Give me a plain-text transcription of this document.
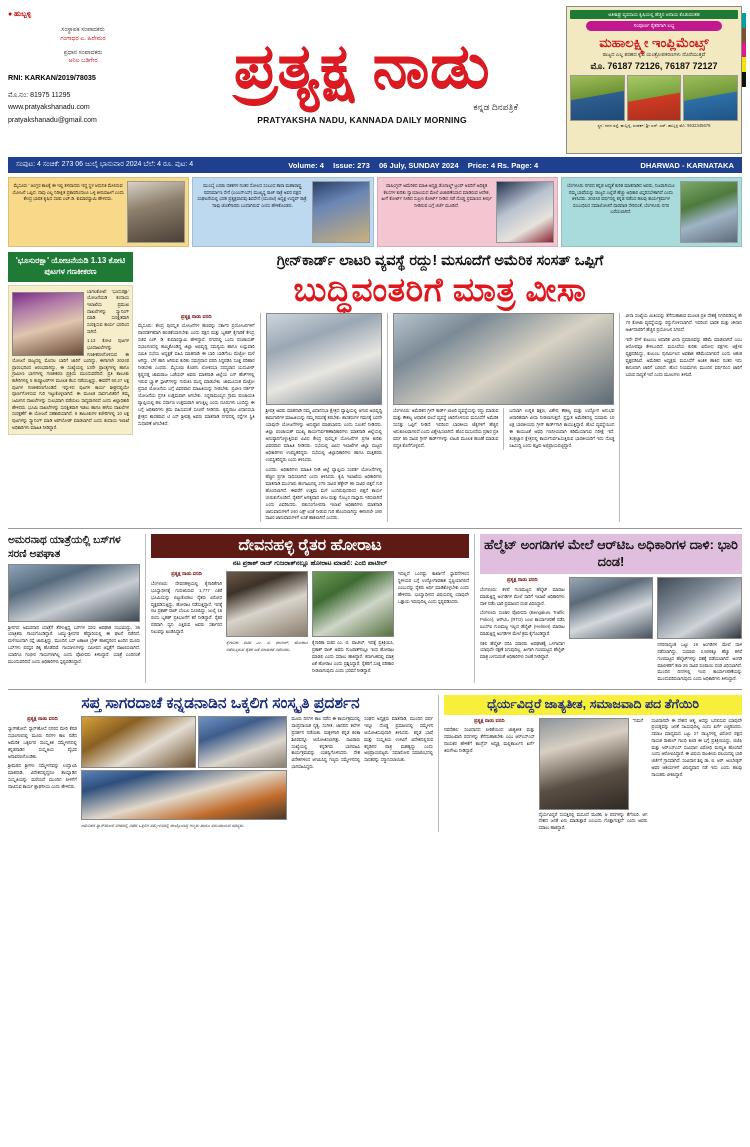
● ಹುಬ್ಬಳ್ಳಿ
ಸಂಸ್ಥಾಪಕ ಸಂಪಾದಕರು
ಗಂಗಾಧರ ಎ. ಹಿರೇಮಠ
ಪ್ರಧಾನ ಸಂಪಾದಕರು
ಅನಿಲ ಬಡಿಗೇರ
RNI: KARKAN/2019/78035
ಮೊ.ನಂ: 81975 11295
www.pratyakshanadu.com
pratyakshanadu@gmail.com
ಪ್ರತ್ಯಕ್ಷ ನಾಡು
ಕನ್ನಡ ದಿನಪತ್ರಿಕೆ
PRATYAKSHA NADU, KANNADA DAILY MORNING
ಅತೀಶಿಘ್ರ ವ್ಯವಸಾಯ ಕೃಷಿಯಲ್ಲಿ ಹೆಚ್ಚಿನ ಆದಾಯ ಕೊಡುವಂತಹ
ಸಂಪೂರ್ಣ ರೈತರಿಗಾಗಿ ಲಭ್ಯ
ಮಹಾಲಕ್ಷ್ಮೀ ಇಂಪ್ಲಿಮೆಂಟ್ಸ್
ರಾಜ್ಯದ ಎಲ್ಲ ತರಹದ ಕೃಷಿ ಯಂತ್ರೋಪಕರಣಗಳು ದೊರೆಯುತ್ತವೆ
ಮೊ. 76187 72126, 76187 72127
ಸ್ಥಳ: ಗದಗ ರಸ್ತೆ, ಹುಬ್ಬಳ್ಳಿ, ಸಂಪರ್ಕ: ಶ್ರೀ ಎಸ್. ಎಸ್. ಹುಬ್ಬಳ್ಳಿ ಮೊ: 9632345678
ಸಂಪುಟ: 4 ಸಂಚಿಕೆ: 273 06 ಜುಲೈ ಭಾನುವಾರ 2024 ಬೆಲೆ: 4 ರೂ. ಪುಟ: 4	Volume: 4 Issue: 273 06 July, SUNDAY 2024 Price: 4 Rs. Page: 4	DHARWAD - KARNATAKA
ಮೈಸೂರು ' ಆಂಗ್ಲರ ಕಾಲಕ್ಕೆ ಈ ಇಲ್ಲಿ ತಳವಾದರು ಇದ್ದ ಸ್ಥಳ ಆಧುನಿಕ ಮೇಲಿರುವ ಯೋಜನೆ ಒಪ್ಪಿದ. ನಾವು ಎಲ್ಲ ನಿರೀಕ್ಷಿತ ಪ್ರಕಾರದಿಂದಲೂ ಒಳ್ಳಿ ತೀರುವಹೀಗೆ ಎಂದು ಕೇಂದ್ರ ಭಾರತ ಕೃಷಿದ ಸಚಿವ ಎಚ್.ಡಿ. ಕುಮಾರಸ್ವಾಮಿ ಹೇಳಿದರು.
ಮುಂಬೈ ಎರಡು ದಶಕಗಳ ನಂತರ ಸೋಲದ ಸಂಬಂಧ ತಾರಾ ಮಹಾರಾಷ್ಟ್ರ ನವನಿರ್ಮಾಣ ಸೇನೆ (ಎಂಎನ್‌ಎಸ್) ಮುಖ್ಯಸ್ಥ ರಾಜ್ ಠಾಕ್ರೆ ಅವರ ಪಕ್ಷದ ಸಂಘಟನೆಯಲ್ಲಿ ಭರತ ಪ್ರತ್ಯಕ್ಷವಾದವು ಶಿವಸೇನೆ (ಯುಬಿಟಿ) ಅಧ್ಯಕ್ಷ ಉದ್ಧವ್ ಠಾಕ್ರೆ, 'ನಾವು ಜೊತೆಗಾರರು ಬಂದಾಗಿರುವ' ಎಂದು ಹೇಳಿಕೊಂಡರು.
ವಾಷಿಂಗ್ಟನ್ ಅಮೆರಿಕದ ಮಾಜಿ ಅಧ್ಯಕ್ಷ ಡೊನಾಲ್ಡ್ ಟ್ರಂಪ್ ಅವರಿಗೆ ಅಧಿಕೃತ ಕೆಲಸಗಳ ಕುರಿತು ನ್ಯಾಯಾಲಯದ ಮೇಲೆ ವಿಚಾರಣೆಯಾದ ಮಾಡಿರುವ ಆದೇಶ, ಹೀಗೆ ಕೋರ್ಟ್ ನೀಡಿದ ಸುಪ್ರೀಂ ಕೋರ್ಟ್ ನೀಡಿದ ನಡೆ ದೊಡ್ಡ ಪ್ರಮಾಣದ ತೀರ್ಪು ನೀಡಿರುವ ಬಗ್ಗೆ ಚರ್ಚೆ ಮೂಡಿದೆ.
ಬೆಂಗಳೂರು ನಗರದ ಕನ್ನಡ ಆಧ್ಯತೆ ಕುರಿತ ಮಾತನಾಡಿದ ಅವರು, ನಿಜವಾಗಿಯೂ ನಮ್ಮ ಭಾಷೆಯನ್ನು ರಾಜ್ಯದ ಎಲ್ಲೆಡೆ ಹೆಚ್ಚು ಅಧಿಕಾರ ವಿಸ್ತರಿಸಬೇಕಾಗಿದೆ ಎಂದು ತಿಳಿಸಿದರು. 2024ರ ವರ್ಷದಲ್ಲಿ ಕನ್ನಡ ನಡೆಸಿದ ಹಲವು ಕಾರ್ಯಕ್ರಮಗಳ ಸಂಬಂಧಿಸಿದ ಸಮಾಲೋಚನೆ ಧಾರವಾಡ ಸೇರಿದಂತೆ, ಬೆಂಗಳೂರು ನಗರ ಬರೆಯಲಾಗಿದೆ.
'ಭೂಸುರಕ್ಷಾ' ಯೋಜನೆಯಡಿ 1.13 ಕೋಟಿ ಪುಟಗಳ ಗಣಕೀಕರಣ
ಬಾಗಲಕೋಟೆ: 'ಭೂಸುರಕ್ಷಾ' ಯೋಜನೆಯಡಿ ಕಂದಾಯ ಇಲಾಖೆಯ ಪ್ರಮುಖ ದಾಖಲೆಗಳನ್ನು ಸ್ಕ್ಯಾನಿಂಗ್ ಮಾಡಿ ಸುರಕ್ಷಿತವಾಗಿ ಸಂರಕ್ಷಿಸುವ ಕಾರ್ಯ ಭರದಿಂದ ಸಾಗಿದೆ.
1.13 ಕೋಟಿ ಪುಟಗಳ ಭೂದಾಖಲೆಗಳನ್ನು ಗಣಕೀಕರಣಗೊಳಿಸುವ ಈ ಯೋಜನೆ ರಾಜ್ಯದಲ್ಲಿ ಮೊದಲ ಬಾರಿಗೆ ಜಾರಿಗೆ ಬಂದಿದ್ದು, ಈಗಾಗಲೇ 2024ರ ಪ್ರಾರಂಭದಿಂದ ಆರಂಭವಾಗಿದ್ದು, ಈ ಸಂಖ್ಯೆಯಲ್ಲಿ 13ನೇ ಪ್ರಾಂತ್ಯಗಳಲ್ಲಿ ಹಾಗೂ ಗ್ರಾಮೀಣ ಭಾಗಗಳಲ್ಲಿ ಗಣಕೀಕರಣ ಪ್ರಕ್ರಿಯೆ ಮುಂದುವರೆದಿದೆ. ಪ್ರತಿ ತಾಲೂಕು ಕಚೇರಿಗಳಲ್ಲಿ 5 ಕಂಪ್ಯೂಟರ್‌ಗಳ ಮೂಲಕ ಕೆಲಸ ನಡೆಯುತ್ತಿದ್ದು, ಈವರೆಗೆ 60.27 ಲಕ್ಷ ಪುಟಗಳ ಗಣಕೀಕರಣಗೊಂಡಿದೆ. ಇನ್ನುಳಿದ ಪುಟಗಳ ಕಾರ್ಯ ಶೀಘ್ರದಲ್ಲಿಯೇ ಪೂರ್ಣಗೊಳಿಸುವ ಗುರಿ ಇಟ್ಟುಕೊಳ್ಳಲಾಗಿದೆ. ಈ ಮೂಲಕ ಸಾರ್ವಜನಿಕರಿಗೆ ತಮ್ಮ ಜಮೀನಿನ ದಾಖಲೆಗಳನ್ನು ಸುಲಭವಾಗಿ ಪಡೆಯಲು ಸಾಧ್ಯವಾಗಲಿದೆ ಎಂದು ಜಿಲ್ಲಾಧಿಕಾರಿ ಹೇಳಿದರು. ಭೂಮಿ ದಾಖಲೆಗಳನ್ನು ಸುರಕ್ಷಿತವಾಗಿ ಇಡಲು ಹಾಗೂ ಹಳೆಯ ದಾಖಲೆಗಳ ಸಂರಕ್ಷಣೆಗೆ ಈ ಯೋಜನೆ ಸಹಕಾರಿಯಾಗಿದೆ. 9 ತಾಲೂಕುಗಳ ಕಚೇರಿಗಳಲ್ಲಿ 10 ಲಕ್ಷ ಪುಟಗಳನ್ನು ಸ್ಕ್ಯಾನಿಂಗ್ ಮಾಡಿ ಅಪ್‌ಲೋಡ್ ಮಾಡಲಾಗಿದೆ ಎಂದು ಕಂದಾಯ ಇಲಾಖೆ ಅಧಿಕಾರಿಗಳು ಮಾಹಿತಿ ನೀಡಿದ್ದಾರೆ.
ಗ್ರೀನ್‌ಕಾರ್ಡ್ ಲಾಟರಿ ವ್ಯವಸ್ಥೆ ರದ್ದು! ಮಸೂದೆಗೆ ಅಮೆರಿಕ ಸಂಸತ್ ಒಪ್ಪಿಗೆ
ಬುದ್ಧಿವಂತರಿಗೆ ಮಾತ್ರ ವೀಸಾ
ಪ್ರತ್ಯಕ್ಷ ನಾಡು ವರದಿ
ಮೈಸೂರು: ಕೇಂದ್ರ ಪುರಸ್ಕೃತ ಯೋಜನೆಗಳ ಹಣವನ್ನು ಸರ್ಕಾರ ಪ್ರಯೋಜನಗಳಿಗೆ ಪಾರದರ್ಶಕವಾಗಿ ಹಂಚಿಕೆಯಾಗಬೇಕು ಎಂದು ಪಕ್ಷದ ಮತ್ತು ಬೃಹತ್ ಕೈಗಾರಿಕೆ ಕೇಂದ್ರ ಸಚಿವ ಎಚ್. ಡಿ. ಕುಮಾರಸ್ವಾಮಿ ಹೇಳಿದ್ದಾರೆ. ನಗರದಲ್ಲಿ ಒಂದು ಪಂಚಾಯತ್ ಸಭಾಂಗಣದಲ್ಲಿ ಹಮ್ಮಿಕೊಂಡಿದ್ದ ಜಿಲ್ಲಾ ಅಭಿವೃದ್ಧಿ ಸಮನ್ವಯ ಹಾಗೂ ಉಸ್ತುವಾರಿ ಸಮಿತಿ ಸಭೆಯ ಅಧ್ಯಕ್ಷತೆ ವಹಿಸಿ ಮಾತನಾಡಿ ಈ ಬಾರಿ ಬಾಡಿಗೆಂಬ ಮೆಟ್ರೋ ಮಳೆ ಆಗಿದ್ದು, ಬೆಳೆ ಹಾನಿ ಆಗಿರುವ ಕುರಿತು ಸಮಗ್ರವಾದ ವರದಿ ಸಿದ್ಧಪಡಿಸಿ ಸೂಕ್ತ ಪರಿಹಾರ ನೀಡಬೇಕು ಎಂದರು. ಮೈಸೂರು ಕೊಡಗು ಲೋಕಸಭಾ ಸದಸ್ಯರಾದ ಯದುವೀರ್ ಕೃಷ್ಣದತ್ತ ಚಾಮರಾಜ ಒಡೆಯರ್ ಅವರು ಮಾತನಾಡಿ ಜಿಲ್ಲೆಯ ಎನ್ ಹೆಚ್‌ಗಳಲ್ಲಿ ಇರುವ ಬ್ಲ್ಯಾಕ್ ಸ್ಪಾಟ್‌ಗಳನ್ನು ಗುರುತಿಸಿ ಮುನ್ನ ಮಾಡಬೇಕು. ಜಾಮೂಸಂತ ಮೆಟ್ರೋ ಪ್ರಸಾರ ಯೋಜನೆಯ ಬಗ್ಗೆ ವಿವರವಾದ ಮಾಹಿತಿಯನ್ನು ನೀಡಬೇಕು. ಪ್ರವೀಣ ದರ್ಶನ್ ಯೋಜನೆಯ ಪ್ರಗತಿ ಉತ್ತಮವಾಗಿ ಆಗಬೇಕು. ಸಿದ್ದರಾಮಯ್ಯನ ಗ್ರಾಮ ಪಂಚಾಯತಿ ವ್ಯಾಪ್ತಿಯಲ್ಲಿ ಹಲ ಸರ್ವಾಣ ಉತ್ತಮವಾಗಿ ಆಗುತ್ತಿಲ್ಲ ಎಂದು ದೂರುಗಳು ಬಂದಿದ್ದು ಈ ಬಗ್ಗೆ ಅಧಿಕಾರಿಗಳು ಕ್ರಮ ವಹಿಸುವಂತೆ ಸೂಚನೆ ನೀಡಿದರು. ಕೃಷ್ಣರಾಜ ವಿಧಾನಸಭಾ ಕ್ಷೇತ್ರದ ಶಾಸಕರಾದ ಟಿ ಎಸ್ ಶ್ರೀವತ್ಸ ಅವರು ಮಾತನಾಡಿ ನಗರದಲ್ಲಿ ರಸ್ತೆಗಳ ಸ್ಥಿತಿ ಸುಧಾರಣೆ ಆಗಬೇಕಿದೆ.
ಶ್ರೀಪತ್ರ ಅವರು ಮಾತನಾಡಿ ನಮ್ಮ ವಿಧಾನಸಭಾ ಕ್ಷೇತ್ರದ ವ್ಯಾಪ್ತಿಯಲ್ಲಿ ಆಗುವ ಅಭಿವೃದ್ಧಿ ಕಾಮಗಾರಿಗಳ ಮಾಹಿತಿಯನ್ನು ನಮ್ಮ ಗಮನಕ್ಕೆ ತರಬೇಕು. ಶಾಸಕರುಗಳ ಗಮನಕ್ಕೆ ಬರದೇ ಯಾವುದೇ ಯೋಜನೆಗಳನ್ನು ಅನುಷ್ಠಾನ ಮಾಡಬಾರದು ಎಂದು ಸೂಚನೆ ನೀಡಿದರು. ಜಿಲ್ಲಾ ಪಂಚಾಯತ್ ಮುಖ್ಯ ಕಾರ್ಯನಿರ್ವಹಣಾಧಿಕಾರಿಗಳು ಮಾತನಾಡಿ ಜಿಲ್ಲೆಯಲ್ಲಿ ಅನುಷ್ಠಾನಗೊಳ್ಳುತ್ತಿರುವ ವಿವಿಧ ಕೇಂದ್ರ ಪುರಸ್ಕೃತ ಯೋಜನೆಗಳ ಪ್ರಗತಿ ಕುರಿತು ವಿವರವಾದ ಮಾಹಿತಿ ನೀಡಿದರು. ಸಭೆಯಲ್ಲಿ ವಿವಿಧ ಇಲಾಖೆಗಳ ಜಿಲ್ಲಾ ಮಟ್ಟದ ಅಧಿಕಾರಿಗಳು ಉಪಸ್ಥಿತರಿದ್ದರು. ಸಭೆಯಲ್ಲಿ ಜಿಲ್ಲಾಧಿಕಾರಿಗಳು ಹಾಗೂ ಮತ್ತಿತರರು ಉಪಸ್ಥಿತರಿದ್ದರು ಎಂದು ತಿಳಿಸಿದರು.
ಎಂದರು. ಅಧಿಕಾರಿಗಳು ಮಾಹಿತಿ ನೀಡಿ ಜಿಲ್ಲೆ ವ್ಯಾಪ್ತಿಯ ಸಂಪರ್ಕ ಯೋಜನೆಗಳಲ್ಲಿ ಹೆಚ್ಚಿನ ಪ್ರಗತಿ ಸಾಧಿಸಲಾಗಿದೆ ಎಂದು ತಿಳಿಸಿದರು. ಕೃಷಿ ಇಲಾಖೆಯ ಅಧಿಕಾರಿಗಳು ಮಾತನಾಡಿ ಮುಂಗಾರು ಹಂಗಾಮಿನಲ್ಲಿ 275 ಸಾವಿರ ಹೆಕ್ಟೇರ್ 95 ಸಾವಿರ ಬಿತ್ತನೆ ಗುರಿ ಹೊಂದಲಾಗಿದೆ. ಈವರೆಗೆ ಉತ್ತಮ ಮಳೆ ಬಂದಿರುವುದರಿಂದ ಬಿತ್ತನೆ ಕಾರ್ಯ ಚುರುಕುಗೊಂಡಿದೆ. ರೈತರಿಗೆ ಅಗತ್ಯವಾದ ಬೀಜ ಮತ್ತು ಗೊಬ್ಬರ ದಾಸ್ತಾನು ಇರಿಸಲಾಗಿದೆ ಎಂದು ವಿವರಿಸಿದರು. ಪಶುಸಂಗೋಪನಾ ಇಲಾಖೆ ಅಧಿಕಾರಿಗಳು ಮಾತನಾಡಿ ಜಾನುವಾರುಗಳಿಗೆ 240 ಎಕ್ಸ್ ಲಸಿಕೆ ನೀಡುವ ಗುರಿ ಹೊಂದಲಾಗಿದ್ದು ಈಗಾಗಲೇ 180 ಸಾವಿರ ಜಾನುವಾರುಗಳಿಗೆ ಲಸಿಕೆ ಹಾಕಲಾಗಿದೆ ಎಂದರು.
ಬೆಂಗಳೂರು: ಅಮೆರಿಕದ ಗ್ರೀನ್ ಕಾರ್ಡ್ ಲಾಟರಿ ವ್ಯವಸ್ಥೆಯನ್ನು ರದ್ದು ಮಾಡುವ ಮತ್ತು ಕೌಶಲ್ಯ ಆಧಾರಿತ ವಲಸೆ ವ್ಯವಸ್ಥೆ ಜಾರಿಗೊಳಿಸುವ ಮಸೂದೆಗೆ ಅಮೆರಿಕ ಸಂಸತ್ತು ಒಪ್ಪಿಗೆ ನೀಡಿದೆ. ಇದರಿಂದ ಭಾರತೀಯ ಟೆಕ್ಕಿಗಳಿಗೆ ಹೆಚ್ಚಿನ ಅನುಕೂಲವಾಗಲಿದೆ ಎಂದು ವಿಶ್ಲೇಷಿಸಲಾಗಿದೆ. ಹೊಸ ಮಸೂದೆಯ ಪ್ರಕಾರ ಪ್ರತಿ ವರ್ಷ 55 ಸಾವಿರ ಗ್ರೀನ್ ಕಾರ್ಡ್‌ಗಳನ್ನು ಲಾಟರಿ ಮೂಲಕ ಹಂಚಿಕೆ ಮಾಡುವ ಪದ್ಧತಿ ಕೊನೆಗೊಳ್ಳಲಿದೆ.
ಬದಲಾಗಿ ಉನ್ನತ ಶಿಕ್ಷಣ, ವಿಶೇಷ ಕೌಶಲ್ಯ ಮತ್ತು ಉದ್ಯೋಗ ಅನುಭವ ಆಧಾರಿತವಾಗಿ ವೀಸಾ ನೀಡಲಾಗುತ್ತದೆ. ಪ್ರಸ್ತುತ ಅಮೆರಿಕದಲ್ಲಿ ಸುಮಾರು 10 ಲಕ್ಷ ಭಾರತೀಯರು ಗ್ರೀನ್ ಕಾರ್ಡ್‌ಗಾಗಿ ಕಾಯುತ್ತಿದ್ದಾರೆ. ಹೊಸ ವ್ಯವಸ್ಥೆಯಿಂದ ಈ ಕಾಯುವಿಕೆ ಅವಧಿ ಗಣನೀಯವಾಗಿ ಕಡಿಮೆಯಾಗುವ ನಿರೀಕ್ಷೆ ಇದೆ. ತಂತ್ರಜ್ಞಾನ ಕ್ಷೇತ್ರದಲ್ಲಿ ಕಾರ್ಯನಿರ್ವಹಿಸುತ್ತಿರುವ ಭಾರತೀಯರಿಗೆ ಇದು ದೊಡ್ಡ ಸಿಹಿಸುದ್ದಿ ಎಂದು ತಜ್ಞರು ಅಭಿಪ್ರಾಯಪಟ್ಟಿದ್ದಾರೆ.
ವೀಸಾ ಸಂಖ್ಯೆಯ ಮಿತಿಯನ್ನು ತೆಗೆದುಹಾಕುವ ಮೂಲಕ ಪ್ರತಿ ದೇಶಕ್ಕೆ ನಿಗದಿಪಡಿಸಿದ್ದ ಶೇ 7ರ ಕೋಟಾ ವ್ಯವಸ್ಥೆಯನ್ನು ರದ್ದುಗೊಳಿಸಲಾಗಿದೆ. ಇದರಿಂದ ಭಾರತ ಮತ್ತು ಚೀನಾದ ಅರ್ಜಿದಾರರಿಗೆ ಹೆಚ್ಚಿನ ಪ್ರಯೋಜನ ಸಿಗಲಿದೆ.
ಇದೇ ವೇಳೆ ಕುಟುಂಬ ಆಧಾರಿತ ವೀಸಾ ಪ್ರಮಾಣವನ್ನು ಕಡಿಮೆ ಮಾಡಲಾಗಿದೆ ಎಂಬ ಆರೋಪವೂ ಕೇಳಿಬಂದಿದೆ. ಮಸೂದೆಯ ಕುರಿತು ವಿರೋಧ ಪಕ್ಷಗಳು ಆಕ್ಷೇಪ ವ್ಯಕ್ತಪಡಿಸಿದ್ದು, ಕುಟುಂಬ ಪುನರ್ಮಿಲನ ಅವಕಾಶ ಕಡಿಮೆಯಾಗಲಿದೆ ಎಂದು ಆತಂಕ ವ್ಯಕ್ತಪಡಿಸಿವೆ. ಅಮೆರಿಕದ ಅಧ್ಯಕ್ಷರು ಮಸೂದೆಗೆ ಅಂಕಿತ ಹಾಕಿದ ನಂತರ ಇದು ಕಾನೂನಾಗಿ ಜಾರಿಗೆ ಬರಲಿದೆ. ಹೊಸ ನಿಯಮಗಳು ಮುಂದಿನ ವರ್ಷದಿಂದ ಜಾರಿಗೆ ಬರುವ ಸಾಧ್ಯತೆ ಇದೆ ಎಂದು ಮೂಲಗಳು ತಿಳಿಸಿವೆ.
ಅಮರನಾಥ ಯಾತ್ರೆಯಲ್ಲಿ ಬಸ್‌ಗಳ ಸರಣಿ ಅಪಘಾತ
ಶ್ರೀನಗರ: ಅಮರನಾಥ ಯಾತ್ರೆಗೆ ತೆರಳುತ್ತಿದ್ದ ಬಸ್‌ಗಳ ಸರಣಿ ಅಪಘಾತ ಸಂಭವಿಸಿದ್ದು, 36 ಯಾತ್ರಿಕರು ಗಾಯಗೊಂಡಿದ್ದಾರೆ. ಜಮ್ಮು-ಶ್ರೀನಗರ ಹೆದ್ದಾರಿಯಲ್ಲಿ ಈ ಘಟನೆ ನಡೆದಿದೆ. ಮಳೆಯಿಂದಾಗಿ ರಸ್ತೆ ಜಾರುತ್ತಿದ್ದು, ಮುಂದಿನ ಬಸ್ ಏಕಾಏಕಿ ಬ್ರೇಕ್ ಹಾಕಿದ್ದರಿಂದ ಹಿಂದಿನ ಮೂರು ಬಸ್‌ಗಳು ಪರಸ್ಪರ ಡಿಕ್ಕಿ ಹೊಡೆದಿವೆ. ಗಾಯಾಳುಗಳನ್ನು ಸಮೀಪದ ಆಸ್ಪತ್ರೆಗೆ ದಾಖಲಿಸಲಾಗಿದೆ. ಯಾರಿಗೂ ಗಂಭೀರ ಗಾಯಗಳಾಗಿಲ್ಲ ಎಂದು ಪೊಲೀಸರು ತಿಳಿಸಿದ್ದಾರೆ. ಯಾತ್ರೆ ಎಂದಿನಂತೆ ಮುಂದುವರಿದಿದೆ ಎಂದು ಅಧಿಕಾರಿಗಳು ಸ್ಪಷ್ಟಪಡಿಸಿದ್ದಾರೆ.
ದೇವನಹಳ್ಳಿ ರೈತರ ಹೋರಾಟ
ನಟ ಪ್ರಕಾಶ್ ರಾಜ್ ಗುಜರಾತ್‌ನಲ್ಲೂ ಹೋರಾಟ ಮಾಡಲಿ: ಎಂಬಿ ಪಾಟೀಲ್
ಪ್ರತ್ಯಕ್ಷ ನಾಡು ವರದಿ
ಬೆಂಗಳೂರು: ದೇವನಹಳ್ಳಿಯಲ್ಲಿ ಕೈಗಾರಿಕೆಗಾಗಿ ಭೂಸ್ವಾಧೀನಕ್ಕೆ ಗುರುತಿಸಿರುವ 1,777 ಎಕರೆ ಭೂಮಿಯನ್ನು ಬಿಟ್ಟುಕೊಡಲು ರೈತರು ವಿರೋಧ ವ್ಯಕ್ತಪಡಿಸುತ್ತಿದ್ದು, ಹೋರಾಟ ನಡೆಸುತ್ತಿದ್ದಾರೆ. ಇದಕ್ಕೆ ನಟ ಪ್ರಕಾಶ್ ರಾಜ್ ಬೆಂಬಲ ಸೂಚಿಸಿದ್ದು, ಜುಲೈ 15 ರಂದು ಬೃಹತ್ ಪ್ರತಿಭಟನೆಗೆ ಕರೆ ನೀಡಿದ್ದಾರೆ. ರೈತರ ಪರವಾಗಿ ಧ್ವನಿ ಎತ್ತಿರುವ ಅವರು ಸರ್ಕಾರದ ನಿಲುವನ್ನು ಖಂಡಿಸಿದ್ದಾರೆ.
ಕೈಗಾರಿಕಾ ಸಚಿವ ಎಂ. ಬಿ. ಪಾಟೀಲ್, ಹೋರಾಟ ನಡೆಸುತ್ತಿರುವ ರೈತರ ಜತೆ ಮಾತುಕತೆ ನಡೆಸಿದರು.
ಕೈಗಾರಿಕಾ ಸಚಿವ ಎಂ. ಬಿ. ಪಾಟೀಲ್, ಇದಕ್ಕೆ ಪ್ರತಿಕ್ರಿಯಿಸಿ, ಪ್ರಕಾಶ್ ರಾಜ್ ಅವರು ಗುಜರಾತ್‌ನಲ್ಲೂ ಇಂಥ ಹೋರಾಟ ಮಾಡಲಿ ಎಂದು ಸವಾಲು ಹಾಕಿದ್ದಾರೆ. ಕರ್ನಾಟಕದಲ್ಲಿ ಮಾತ್ರ ಏಕೆ ಹೋರಾಟ ಎಂದು ಪ್ರಶ್ನಿಸಿದ್ದಾರೆ. ರೈತರಿಗೆ ಸೂಕ್ತ ಪರಿಹಾರ ನೀಡಲಾಗುವುದು ಎಂದು ಭರವಸೆ ನೀಡಿದ್ದಾರೆ.
ಇದಲ್ಲದೆ ಒಂದಷ್ಟು ಕಾರ್ಖಾನೆ ಸ್ಥಾಪನೆಗಳಿಂದ ಸ್ಥಳೀಯರ ಬಗ್ಗೆ ಉದ್ಯೋಗಾವಕಾಶ ಸೃಷ್ಟಿಯಾಗಲಿದೆ ಎಂಬುದನ್ನು ರೈತರು ಅರ್ಥ ಮಾಡಿಕೊಳ್ಳಬೇಕು ಎಂದು ಹೇಳಿದರು. ಭೂಸ್ವಾಧೀನದ ವಿಷಯದಲ್ಲಿ ಯಾವುದೇ ಒತ್ತಾಯ ಇರುವುದಿಲ್ಲ ಎಂದು ಸ್ಪಷ್ಟಪಡಿಸಿದರು.
ಹೆಲ್ಮೆಟ್ ಅಂಗಡಿಗಳ ಮೇಲೆ ಆರ್‌ಟಿಒ ಅಧಿಕಾರಿಗಳ ದಾಳಿ: ಭಾರಿ ದಂಡ!
ಪ್ರತ್ಯಕ್ಷ ನಾಡು ವರದಿ
ಬೆಂಗಳೂರು: ಕಳಪೆ ಗುಣಮಟ್ಟದ ಹೆಲ್ಮೆಟ್ ಮಾರಾಟ ಮಾಡುತ್ತಿದ್ದ ಅಂಗಡಿಗಳ ಮೇಲೆ ಸಾರಿಗೆ ಇಲಾಖೆ ಅಧಿಕಾರಿಗಳು ದಾಳಿ ನಡೆಸಿ ಭಾರಿ ಪ್ರಮಾಣದ ದಂಡ ವಿಧಿಸಿದ್ದಾರೆ.
ಬೆಂಗಳೂರು ಸಂಚಾರ ಪೊಲೀಸರು (Bengaluru Traffic Police), ಆರ್‌ಟಿಒ (RTO) ಜಂಟಿ ಕಾರ್ಯಾಚರಣೆ ನಡೆಸಿ ಐಎಸ್‌ಐ ಗುಣಮಟ್ಟ ಇಲ್ಲದ ಹೆಲ್ಮೆಟ್ (Helmet) ಮಾರಾಟ ಮಾಡುತ್ತಿದ್ದ ಅಂಗಡಿಗಳ ಮೇಲೆ ಕ್ರಮ ಕೈಗೊಂಡಿದ್ದಾರೆ.
ನಕಲಿ ಹೆಲ್ಮೆಟ್ ಧರಿಸಿ ಸವಾರರು ಅಪಘಾತಕ್ಕೆ ಒಳಗಾದಾಗ ಯಾವುದೇ ರಕ್ಷಣೆ ಸಿಗುವುದಿಲ್ಲ. ಹೀಗಾಗಿ ಗುಣಮಟ್ಟದ ಹೆಲ್ಮೆಟ್ ಮಾತ್ರ ಬಳಸುವಂತೆ ಅಧಿಕಾರಿಗಳು ಸಲಹೆ ನೀಡಿದ್ದಾರೆ.
ನಗರದಾದ್ಯಂತ ಒಟ್ಟು 19 ಅಂಗಡಿಗಳ ಮೇಲೆ ದಾಳಿ ನಡೆಸಲಾಗಿದ್ದು, ಸುಮಾರು 2,500ಕ್ಕೂ ಹೆಚ್ಚು ಕಳಪೆ ಗುಣಮಟ್ಟದ ಹೆಲ್ಮೆಟ್‌ಗಳನ್ನು ವಶಕ್ಕೆ ಪಡೆಯಲಾಗಿದೆ. ಅಂಗಡಿ ಮಾಲೀಕರಿಗೆ ತಲಾ 25 ಸಾವಿರ ರೂಪಾಯಿ ದಂಡ ವಿಧಿಸಲಾಗಿದೆ. ಮುಂದಿನ ದಿನಗಳಲ್ಲಿ ಇಂಥ ಕಾರ್ಯಾಚರಣೆಯನ್ನು ಮುಂದುವರಿಸಲಾಗುವುದು ಎಂದು ಅಧಿಕಾರಿಗಳು ತಿಳಿಸಿದ್ದಾರೆ.
ಸಪ್ತ ಸಾಗರದಾಚೆ ಕನ್ನಡನಾಡಿನ ಒಕ್ಕಲಿಗ ಸಂಸ್ಕೃತಿ ಪ್ರದರ್ಶನ
ಪ್ರತ್ಯಕ್ಷ ನಾಡು ವರದಿ
ಸ್ಯಾನ್‌ಹೋಸೆ: ಸ್ಯಾನ್‌ಹೋಸೆ ನಗರದ ಮೇರಿ ಕೆನಡ ಸಭಾಂಗಣದಲ್ಲಿ ಮೂರು ದಿನಗಳ ಕಾಲ ನಡೆದ ಅಮೆರಿಕ ಒಕ್ಕಲಿಗರ ಸಾಂಸ್ಕೃತಿಕ ಸಮ್ಮೇಳನದಲ್ಲಿ ಕನ್ನಡನಾಡಿನ ಸಂಸ್ಕೃತಿಯ ವೈಭವ ಅನಾವರಣಗೊಂಡಿತು.
ಶ್ರೀಮಠದ ಶ್ರೀಗಳು ಸಮ್ಮೇಳನವನ್ನು ಉದ್ಘಾಟಿಸಿ ಮಾತನಾಡಿ, ವಿದೇಶದಲ್ಲಿದ್ದರೂ ತಾಯ್ನಾಡಿನ ಸಂಸ್ಕೃತಿಯನ್ನು ಮರೆಯದೆ ಮುಂದಿನ ಪೀಳಿಗೆಗೆ ದಾಟಿಸುವ ಕಾರ್ಯ ಶ್ಲಾಘನೀಯ ಎಂದು ಹೇಳಿದರು.
ಅಮೆರಿಕದ ಸ್ಯಾನ್‌ಹೋಸೆ ನಗರದಲ್ಲಿ ನಡೆದ ಒಕ್ಕಲಿಗ ಸಮ್ಮೇಳನದಲ್ಲಿ ಪಾಲ್ಗೊಂಡಿದ್ದ ಗಣ್ಯರು ಹಾಗೂ ಸಮುದಾಯದ ಸದಸ್ಯರು.
ಮೂರು ದಿನಗಳ ಕಾಲ ನಡೆದ ಈ ಕಾರ್ಯಕ್ರಮದಲ್ಲಿ ಸಾಂಪ್ರದಾಯಿಕ ನೃತ್ಯ, ಸಂಗೀತ, ಜಾನಪದ ಕಲೆಗಳ ಪ್ರದರ್ಶನ ನಡೆಯಿತು. ಮಕ್ಕಳಿಗಾಗಿ ಕನ್ನಡ ಕಲಿಕಾ ಶಿಬಿರವನ್ನೂ ಆಯೋಜಿಸಲಾಗಿತ್ತು. ಸಾವಿರಾರು ಸಂಖ್ಯೆಯಲ್ಲಿ ಕನ್ನಡಿಗರು ಭಾಗವಹಿಸಿ ಕಾರ್ಯಕ್ರಮವನ್ನು ಯಶಸ್ವಿಗೊಳಿಸಿದರು. ದೇಶ ವಿದೇಶಗಳಿಂದ ಆಗಮಿಸಿದ್ದ ಗಣ್ಯರು ಸಮ್ಮೇಳನದಲ್ಲಿ ಭಾಗವಹಿಸಿದ್ದರು.
ಸಂಘದ ಅಧ್ಯಕ್ಷರು ಮಾತನಾಡಿ, ಮುಂದಿನ ವರ್ಷ ಇನ್ನೂ ದೊಡ್ಡ ಪ್ರಮಾಣದಲ್ಲಿ ಸಮ್ಮೇಳನ ಆಯೋಜಿಸುವುದಾಗಿ ತಿಳಿಸಿದರು. ಕನ್ನಡ ಭಾಷೆ ಮತ್ತು ಸಂಸ್ಕೃತಿಯ ಉಳಿವಿಗೆ ವಿದೇಶದಲ್ಲಿರುವ ಕನ್ನಡಿಗರ ಪಾತ್ರ ಮಹತ್ವದ್ದು ಎಂದು ಅಭಿಪ್ರಾಯಪಟ್ಟರು. ಸಮಾರೋಪ ಸಮಾರಂಭದಲ್ಲಿ ಸಾಧಕರನ್ನು ಸನ್ಮಾನಿಸಲಾಯಿತು.
ಧೈರ್ಯವಿದ್ದರೆ ಜಾತ್ಯತೀತ, ಸಮಾಜವಾದಿ ಪದ ತೆಗೆಯಿರಿ
ಪ್ರತ್ಯಕ್ಷ ನಾಡು ವರದಿ
ನವದೆಹಲಿ: ಸಂವಿಧಾನದ ಪೀಠಿಕೆಯಿಂದ ಜಾತ್ಯತೀತ ಮತ್ತು ಸಮಾಜವಾದಿ ಪದಗಳನ್ನು ತೆಗೆದುಹಾಕಬೇಕು ಎಂಬ ಆರ್‌ಎಸ್‌ಎಸ್ ನಾಯಕರ ಹೇಳಿಕೆಗೆ ಕಾಂಗ್ರೆಸ್ ಅಧ್ಯಕ್ಷ ಮಲ್ಲಿಕಾರ್ಜುನ ಖರ್ಗೆ ತಿರುಗೇಟು ನೀಡಿದ್ದಾರೆ.
"ನಿಮಗೆ ಧೈರ್ಯವಿದ್ದರೆ ಸಂಸತ್ತಿನಲ್ಲಿ ಮಸೂದೆ ಮಂಡಿಸಿ ಆ ಪದಗಳನ್ನು ತೆಗೆಯಿರಿ. ಆಗ ದೇಶದ ಜನತೆ ಏನು ಮಾಡುತ್ತಾರೆ ಎಂಬುದು ಗೊತ್ತಾಗುತ್ತದೆ" ಎಂದು ಅವರು ಸವಾಲು ಹಾಕಿದ್ದಾರೆ.
ಸಂವಿಧಾನವೇ ಈ ದೇಶದ ಆತ್ಮ. ಅದನ್ನು ಬದಲಿಸುವ ಯಾವುದೇ ಪ್ರಯತ್ನವನ್ನು ಜನತೆ ಸಹಿಸುವುದಿಲ್ಲ ಎಂದು ಖರ್ಗೆ ಎಚ್ಚರಿಸಿದರು. ಸಮಾಜ ಮಾಧ್ಯಮದ ಒಟ್ಟು 27 ರಾಜ್ಯಗಳಲ್ಲಿ ವಿರೋಧ ಪಕ್ಷದ ನಾಯಕ ರಾಹುಲ್ ಗಾಂಧಿ ಕೂಡ ಈ ಬಗ್ಗೆ ಪ್ರತಿಕ್ರಿಯಿಸಿದ್ದು, ಬಿಜೆಪಿ ಮತ್ತು ಆರ್‌ಎಸ್‌ಎಸ್ ಸಂವಿಧಾನ ವಿರೋಧಿ ಮನಸ್ಥಿತಿ ಹೊಂದಿವೆ ಎಂದು ಆರೋಪಿಸಿದ್ದಾರೆ. ಈ ವಿಷಯ ರಾಜಕೀಯ ವಲಯದಲ್ಲಿ ಭಾರಿ ಚರ್ಚೆಗೆ ಗ್ರಾಸವಾಗಿದೆ. ಸಂವಿಧಾನ ಶಿಲ್ಪಿ ಡಾ. ಬಿ. ಆರ್. ಅಂಬೇಡ್ಕರ್ ಅವರ ಆಶಯಗಳಿಗೆ ವಿರುದ್ಧವಾದ ನಡೆ ಇದು ಎಂದು ಹಲವು ನಾಯಕರು ಟೀಕಿಸಿದ್ದಾರೆ.
